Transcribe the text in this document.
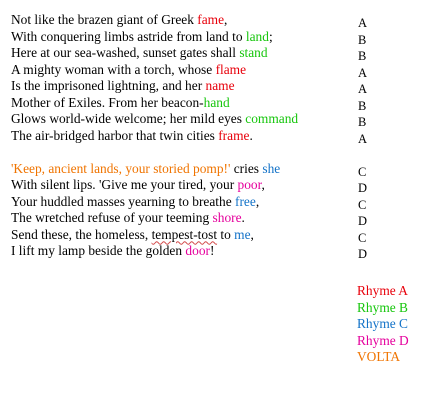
Not like the brazen giant of Greek fame,
With conquering limbs astride from land to land;
Here at our sea-washed, sunset gates shall stand
A mighty woman with a torch, whose flame
Is the imprisoned lightning, and her name
Mother of Exiles. From her beacon-hand
Glows world-wide welcome; her mild eyes command
The air-bridged harbor that twin cities frame.
'Keep, ancient lands, your storied pomp!' cries she
With silent lips. 'Give me your tired, your poor,
Your huddled masses yearning to breathe free,
The wretched refuse of your teeming shore.
Send these, the homeless, tempest-tost to me,
I lift my lamp beside the golden door!
A
B
B
A
A
B
B
A
C
D
C
D
C
D
Rhyme A
Rhyme B
Rhyme C
Rhyme D
VOLTA
